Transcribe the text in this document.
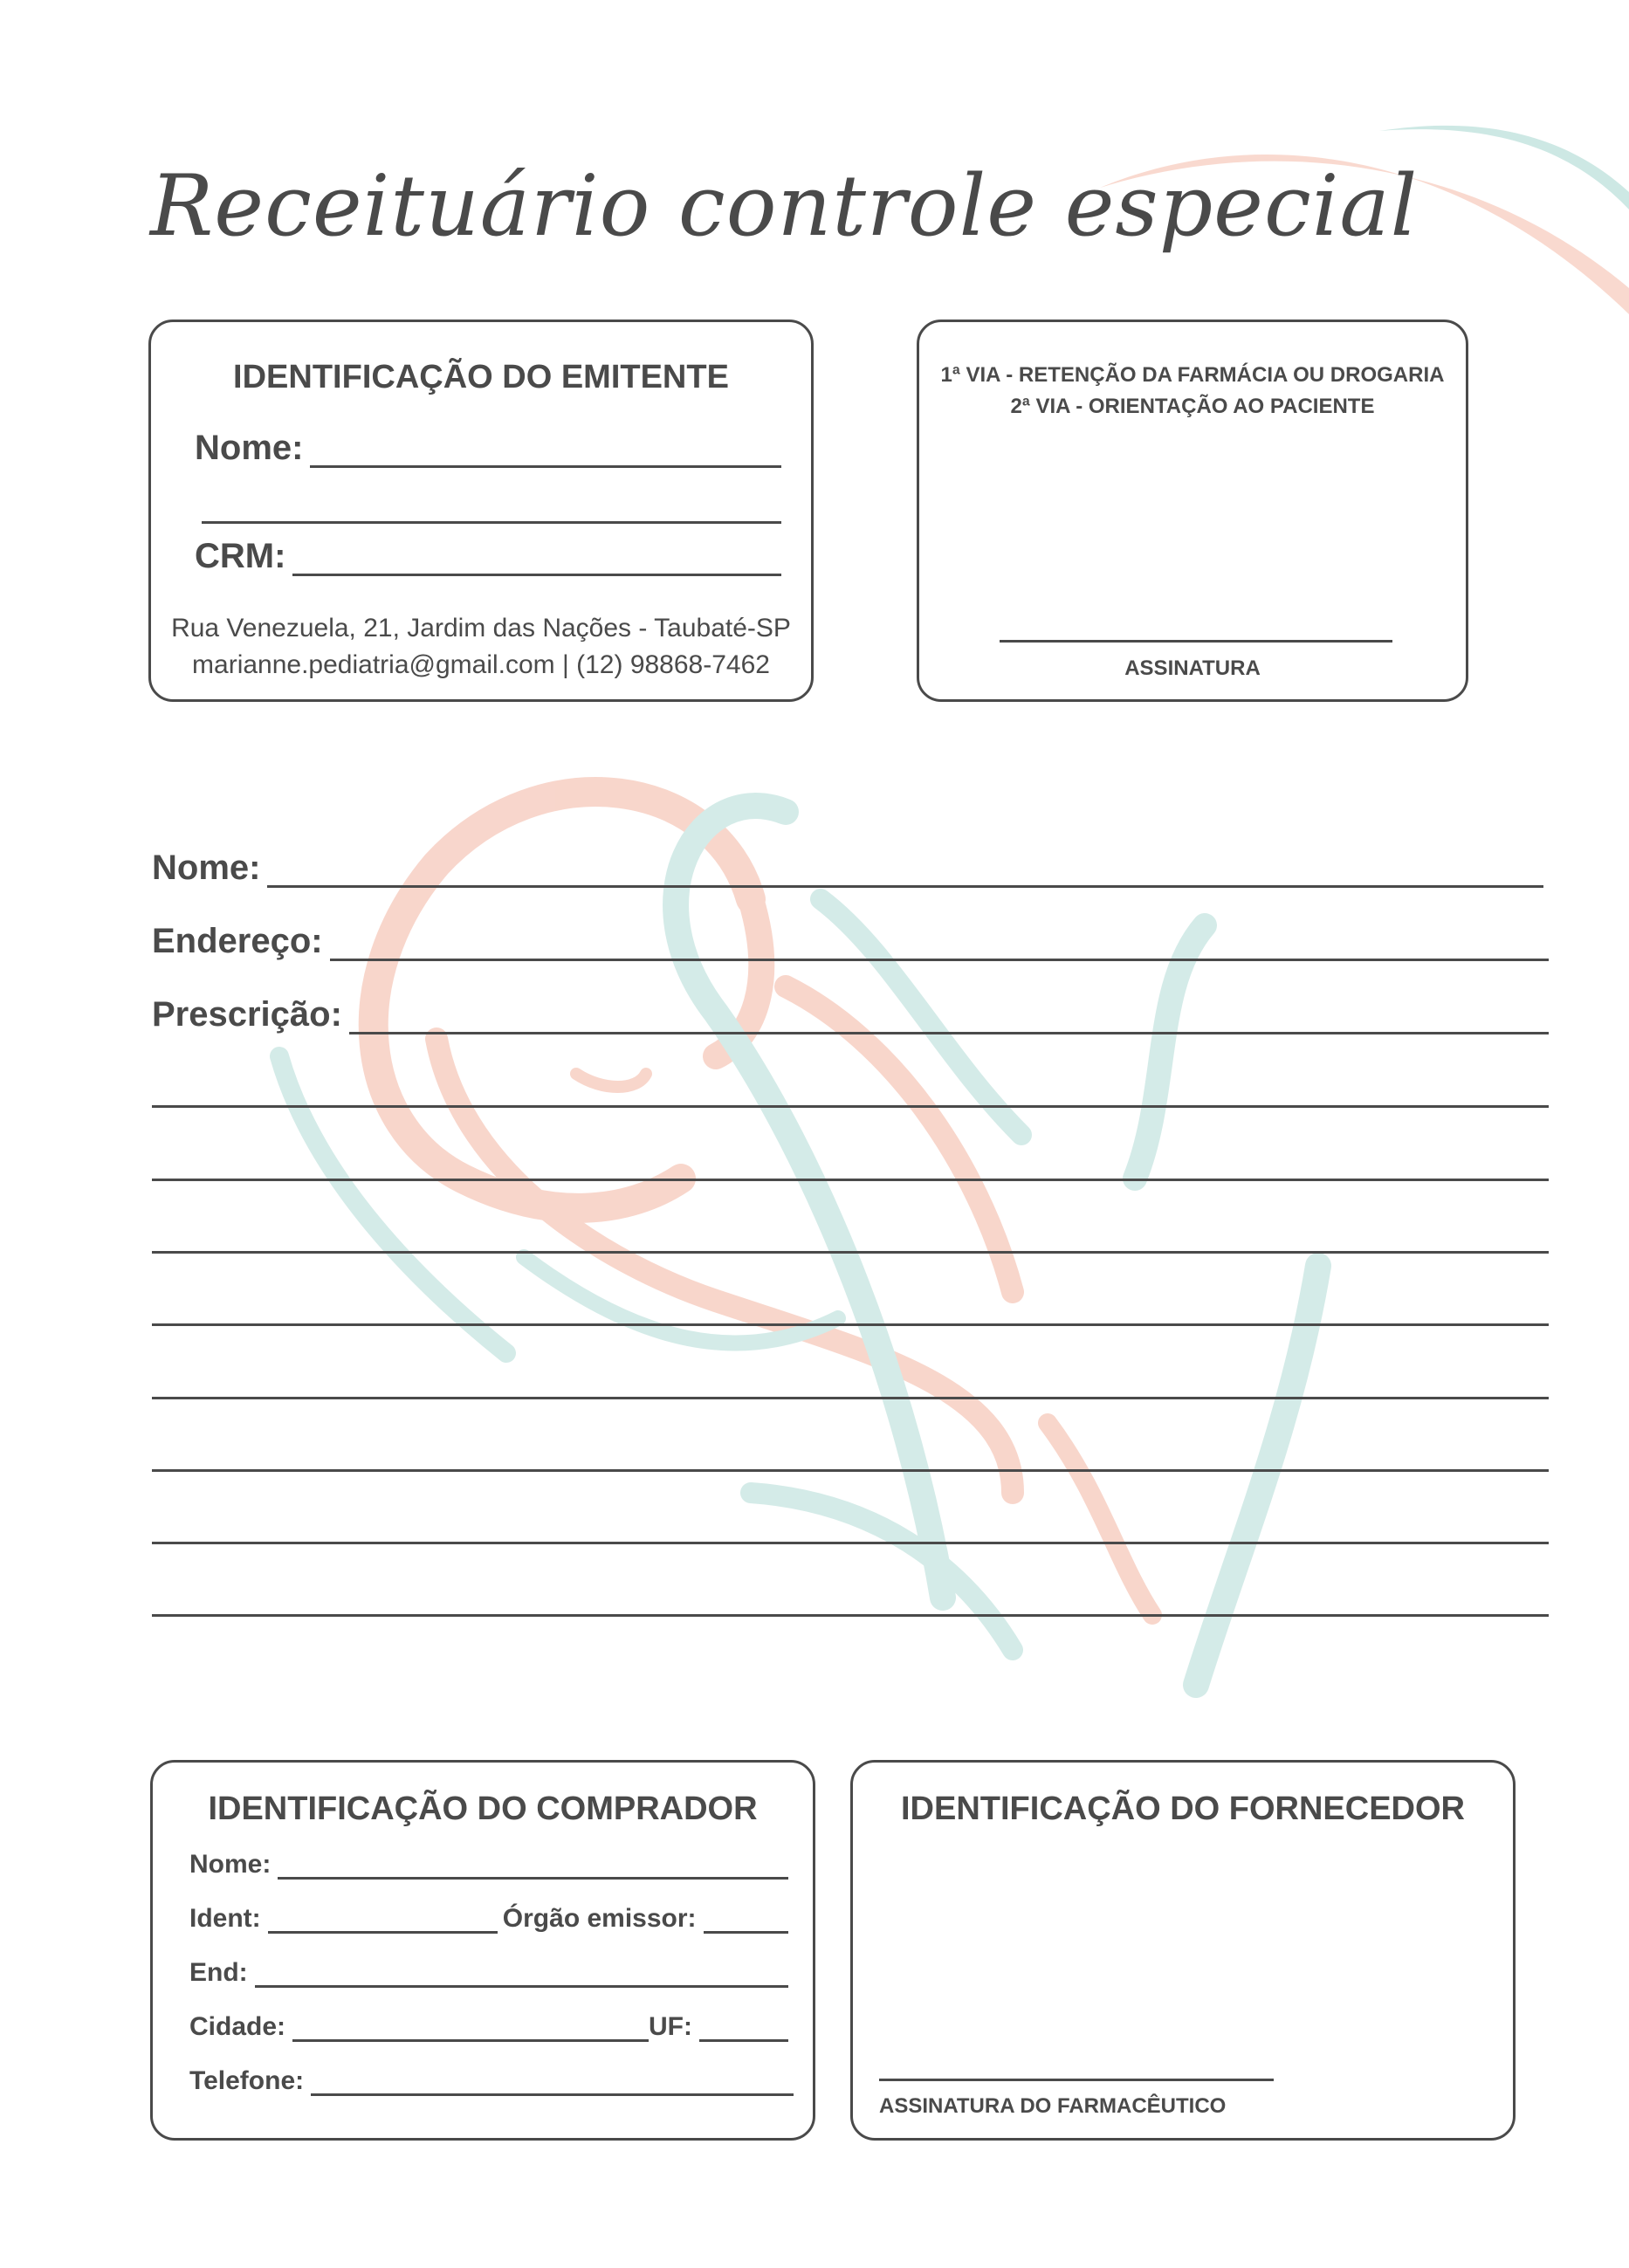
Receituário controle especial
IDENTIFICAÇÃO DO EMITENTE
Nome:
CRM:
Rua Venezuela, 21, Jardim das Nações - Taubaté-SP
marianne.pediatria@gmail.com | (12) 98868-7462
1ª VIA - RETENÇÃO DA FARMÁCIA OU DROGARIA
2ª VIA - ORIENTAÇÃO AO PACIENTE
ASSINATURA
Nome:
Endereço:
Prescrição:
IDENTIFICAÇÃO DO COMPRADOR
Nome:
Ident:	Órgão emissor:
End:
Cidade:	UF:
Telefone:
IDENTIFICAÇÃO DO FORNECEDOR
ASSINATURA DO FARMACÊUTICO
